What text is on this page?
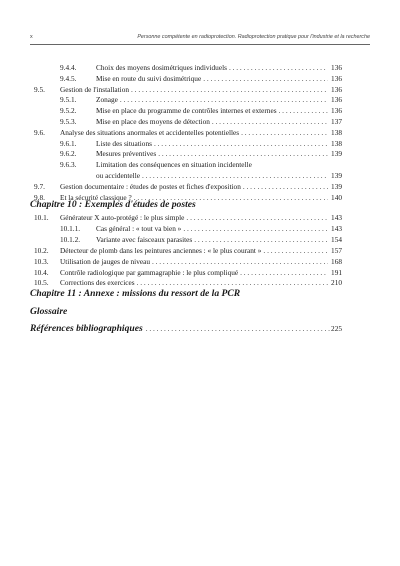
x	Personne compétente en radioprotection. Radioprotection pratique pour l'industrie et la recherche
9.4.4.	Choix des moyens dosimétriques individuels . . .	136
9.4.5.	Mise en route du suivi dosimétrique . . .	136
9.5.	Gestion de l'installation . . .	136
9.5.1.	Zonage . . .	136
9.5.2.	Mise en place du programme de contrôles internes et externes . . .	136
9.5.3.	Mise en place des moyens de détection . . .	137
9.6.	Analyse des situations anormales et accidentelles potentielles . . .	138
9.6.1.	Liste des situations . . .	138
9.6.2.	Mesures préventives . . .	139
9.6.3.	Limitation des conséquences en situation incidentelle
ou accidentelle . . .	139
9.7.	Gestion documentaire : études de postes et fiches d'exposition . . .	139
9.8.	Et la sécurité classique ? . . .	140
10.1.	Générateur X auto-protégé : le plus simple . . .	143
10.1.1.	Cas général : « tout va bien » . . .	143
10.1.2.	Variante avec faisceaux parasites . . .	154
10.2.	Détecteur de plomb dans les peintures anciennes : « le plus courant » . . .	157
10.3.	Utilisation de jauges de niveau . . .	168
10.4.	Contrôle radiologique par gammagraphie : le plus compliqué . . .	191
10.5.	Corrections des exercices . . .	210
Chapitre 10 : Exemples d'études de postes
Chapitre 11 : Annexe : missions du ressort de la PCR
Glossaire
Références bibliographiques . . .	225
